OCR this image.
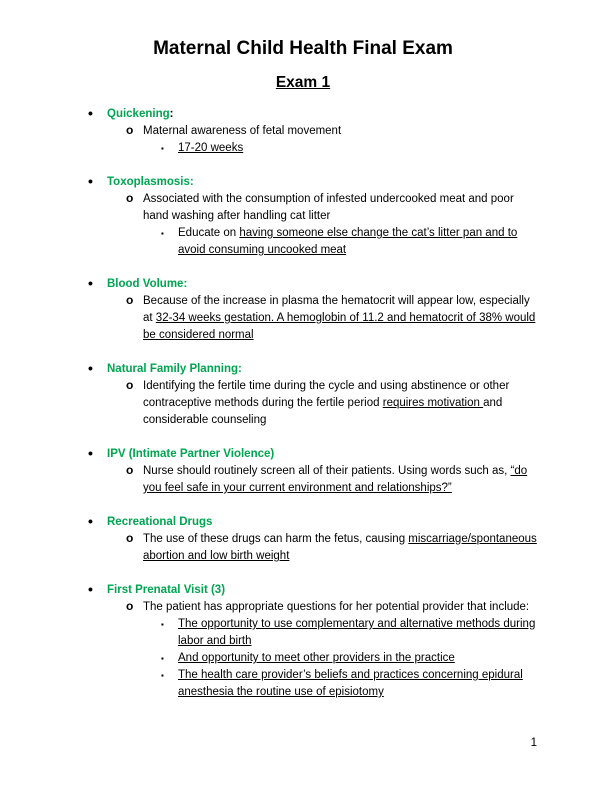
Maternal Child Health Final Exam
Exam 1
• Quickening:
o Maternal awareness of fetal movement
▪ 17-20 weeks
• Toxoplasmosis:
o Associated with the consumption of infested undercooked meat and poor hand washing after handling cat litter
▪ Educate on having someone else change the cat’s litter pan and to avoid consuming uncooked meat
• Blood Volume:
o Because of the increase in plasma the hematocrit will appear low, especially at 32-34 weeks gestation. A hemoglobin of 11.2 and hematocrit of 38% would be considered normal
• Natural Family Planning:
o Identifying the fertile time during the cycle and using abstinence or other contraceptive methods during the fertile period requires motivation and considerable counseling
• IPV (Intimate Partner Violence)
o Nurse should routinely screen all of their patients. Using words such as, “do you feel safe in your current environment and relationships?”
• Recreational Drugs
o The use of these drugs can harm the fetus, causing miscarriage/spontaneous abortion and low birth weight
• First Prenatal Visit (3)
o The patient has appropriate questions for her potential provider that include:
▪ The opportunity to use complementary and alternative methods during labor and birth
▪ And opportunity to meet other providers in the practice
▪ The health care provider’s beliefs and practices concerning epidural anesthesia the routine use of episiotomy
1
